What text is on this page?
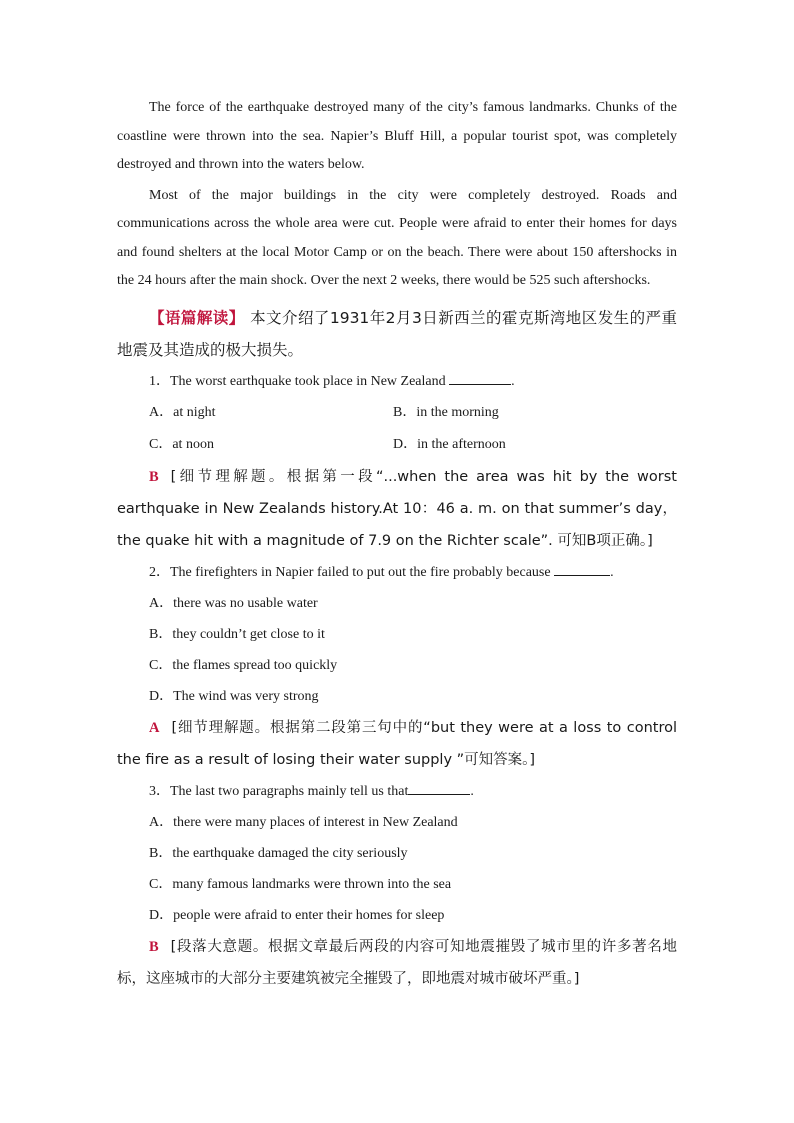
The force of the earthquake destroyed many of the city’s famous landmarks. Chunks of the coastline were thrown into the sea. Napier’s Bluff Hill, a popular tourist spot, was completely destroyed and thrown into the waters below.

Most of the major buildings in the city were completely destroyed. Roads and communications across the whole area were cut. People were afraid to enter their homes for days and found shelters at the local Motor Camp or on the beach. There were about 150 aftershocks in the 24 hours after the main shock. Over the next 2 weeks, there would be 525 such aftershocks.

【语篇解读】 本文介绍了1931年2月3日新西兰的霍克斯湾地区发生的严重地震及其造成的极大损失。

1．The worst earthquake took place in New Zealand	.

A．at night	B．in the morning
C．at noon	D．in the afternoon

B [细节理解题。根据第一段“...when the area was hit by the worst earthquake in New Zealands history.At 10：46 a. m. on that summer’s day，the quake hit with a magnitude of 7.9 on the Richter scale”. 可知B项正确。]

2．The firefighters in Napier failed to put out the fire probably because	.

A．there was no usable water

B．they couldn’t get close to it

C．the flames spread too quickly

D．The wind was very strong

A [细节理解题。根据第二段第三句中的“but they were at a loss to control the fire as a result of losing their water supply ”可知答案。]

3．The last two paragraphs mainly tell us that	.

A．there were many places of interest in New Zealand

B．the earthquake damaged the city seriously

C．many famous landmarks were thrown into the sea

D．people were afraid to enter their homes for sleep

B [段落大意题。根据文章最后两段的内容可知地震摧毁了城市里的许多著名地标，这座城市的大部分主要建筑被完全摧毁了，即地震对城市破坏严重。]
